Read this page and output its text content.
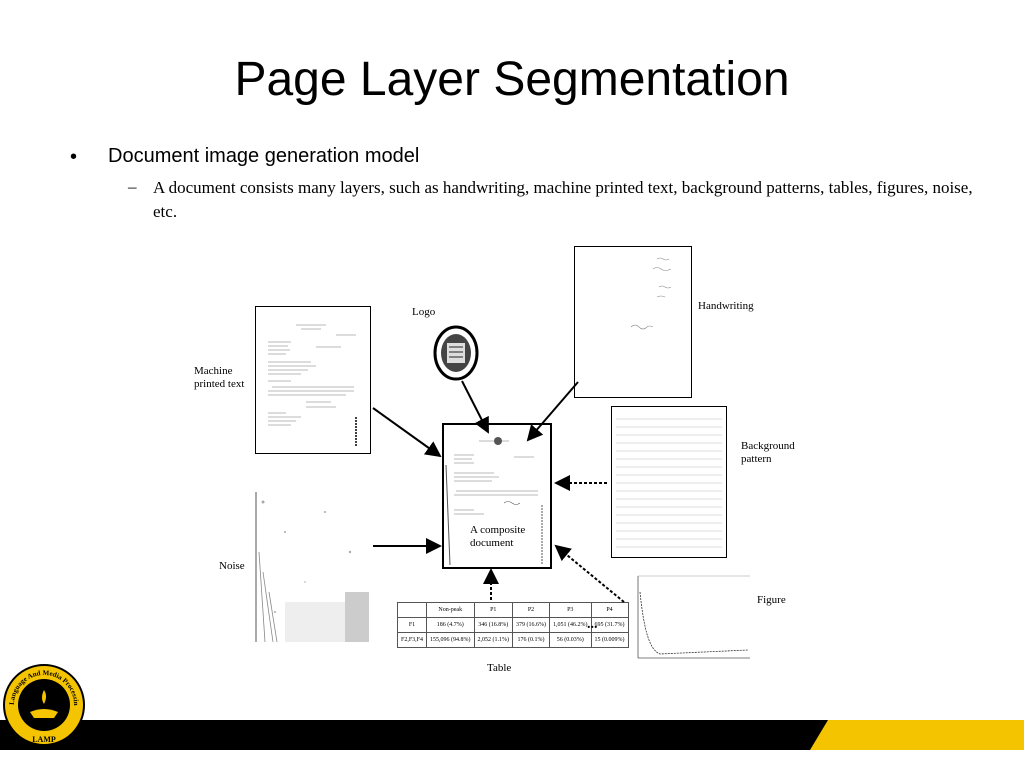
Page Layer Segmentation
• Document image generation model
– A document consists many layers, such as handwriting, machine printed text, background patterns, tables, figures, noise, etc.
Machine printed text
Logo	Handwriting
Background pattern
Noise
A composite document
	Non-peak	P1	P2	P3	P4
F1	186 (4.7%)	346 (16.8%)	379 (16.6%)	1,051 (46.2%)	695 (31.7%)
F2,F3,F4	155,096 (94.8%)	2,052 (1.1%)	176 (0.1%)	56 (0.03%)	15 (0.009%)
Table
...
Figure
Language And Media Processin
LAMP
